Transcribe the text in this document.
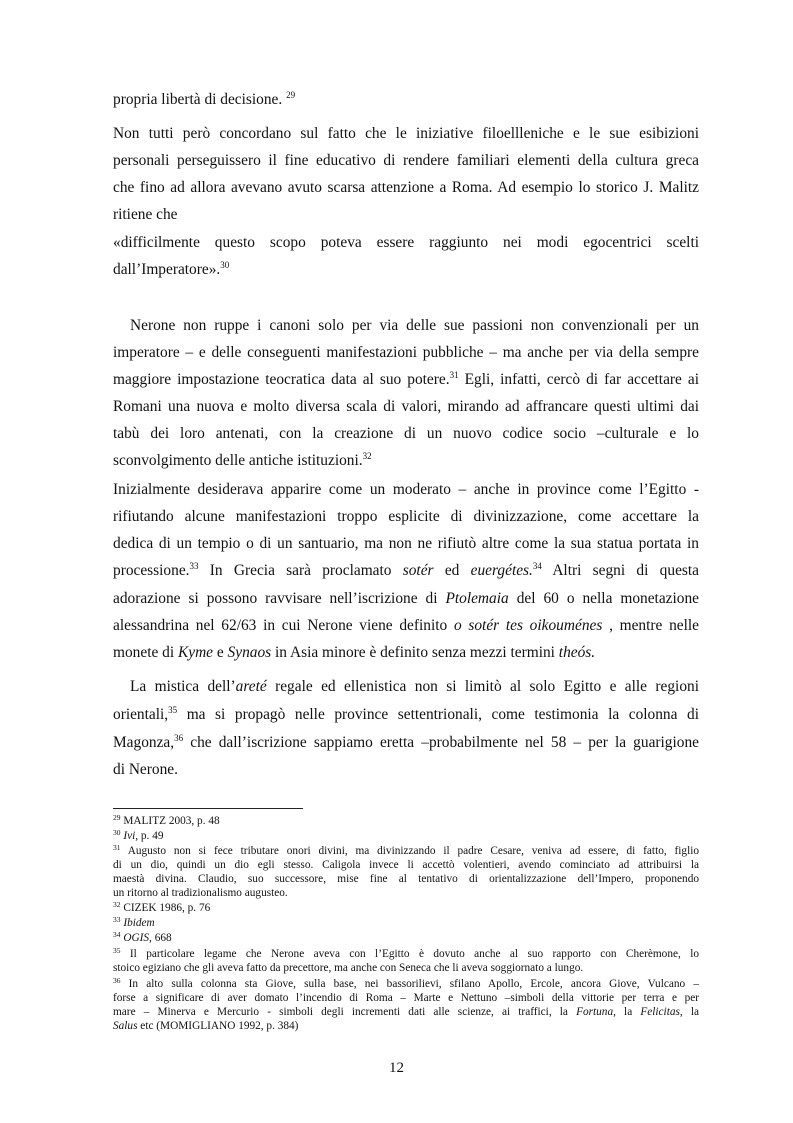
propria libertà di decisione. $^{29}$
Non tutti però concordano sul fatto che le iniziative filoellleniche e le sue esibizioni
personali perseguissero il fine educativo di rendere familiari elementi della cultura greca
che fino ad allora avevano avuto scarsa attenzione a Roma. Ad esempio lo storico J. Malitz
ritiene che
«difficilmente questo scopo poteva essere raggiunto nei modi egocentrici scelti
dall’Imperatore».$^{30}$
Nerone non ruppe i canoni solo per via delle sue passioni non convenzionali per un
imperatore – e delle conseguenti manifestazioni pubbliche – ma anche per via della sempre
maggiore impostazione teocratica data al suo potere.$^{31}$ Egli, infatti, cercò di far accettare ai
Romani una nuova e molto diversa scala di valori, mirando ad affrancare questi ultimi dai
tabù dei loro antenati, con la creazione di un nuovo codice socio –culturale e lo
sconvolgimento delle antiche istituzioni.$^{32}$
Inizialmente desiderava apparire come un moderato – anche in province come l’Egitto -
rifiutando alcune manifestazioni troppo esplicite di divinizzazione, come accettare la
dedica di un tempio o di un santuario, ma non ne rifiutò altre come la sua statua portata in
processione.$^{33}$ In Grecia sarà proclamato sotér ed euergétes.$^{34}$ Altri segni di questa
adorazione si possono ravvisare nell’iscrizione di Ptolemaia del 60 o nella monetazione
alessandrina nel 62/63 in cui Nerone viene definito o sotér tes oikouménes , mentre nelle
monete di Kyme e Synaos in Asia minore è definito senza mezzi termini theós.
La mistica dell’areté regale ed ellenistica non si limitò al solo Egitto e alle regioni
orientali,$^{35}$ ma si propagò nelle province settentrionali, come testimonia la colonna di
Magonza,$^{36}$ che dall’iscrizione sappiamo eretta –probabilmente nel 58 – per la guarigione
di Nerone.
$^{29}$ MALITZ 2003, p. 48
$^{30}$ Ivi, p. 49
$^{31}$ Augusto non si fece tributare onori divini, ma divinizzando il padre Cesare, veniva ad essere, di fatto, figlio
di un dio, quindi un dio egli stesso. Caligola invece li accettò volentieri, avendo cominciato ad attribuirsi la
maestà divina. Claudio, suo successore, mise fine al tentativo di orientalizzazione dell’Impero, proponendo
un ritorno al tradizionalismo augusteo.
$^{32}$ CIZEK 1986, p. 76
$^{33}$ Ibidem
$^{34}$ OGIS, 668
$^{35}$ Il particolare legame che Nerone aveva con l’Egitto è dovuto anche al suo rapporto con Cherèmone, lo
stoico egiziano che gli aveva fatto da precettore, ma anche con Seneca che li aveva soggiornato a lungo.
$^{36}$ In alto sulla colonna sta Giove, sulla base, nei bassorilievi, sfilano Apollo, Ercole, ancora Giove, Vulcano –
forse a significare di aver domato l’incendio di Roma – Marte e Nettuno –simboli della vittorie per terra e per
mare – Minerva e Mercurio - simboli degli incrementi dati alle scienze, ai traffici, la Fortuna, la Felicitas, la
Salus etc (MOMIGLIANO 1992, p. 384)
12
